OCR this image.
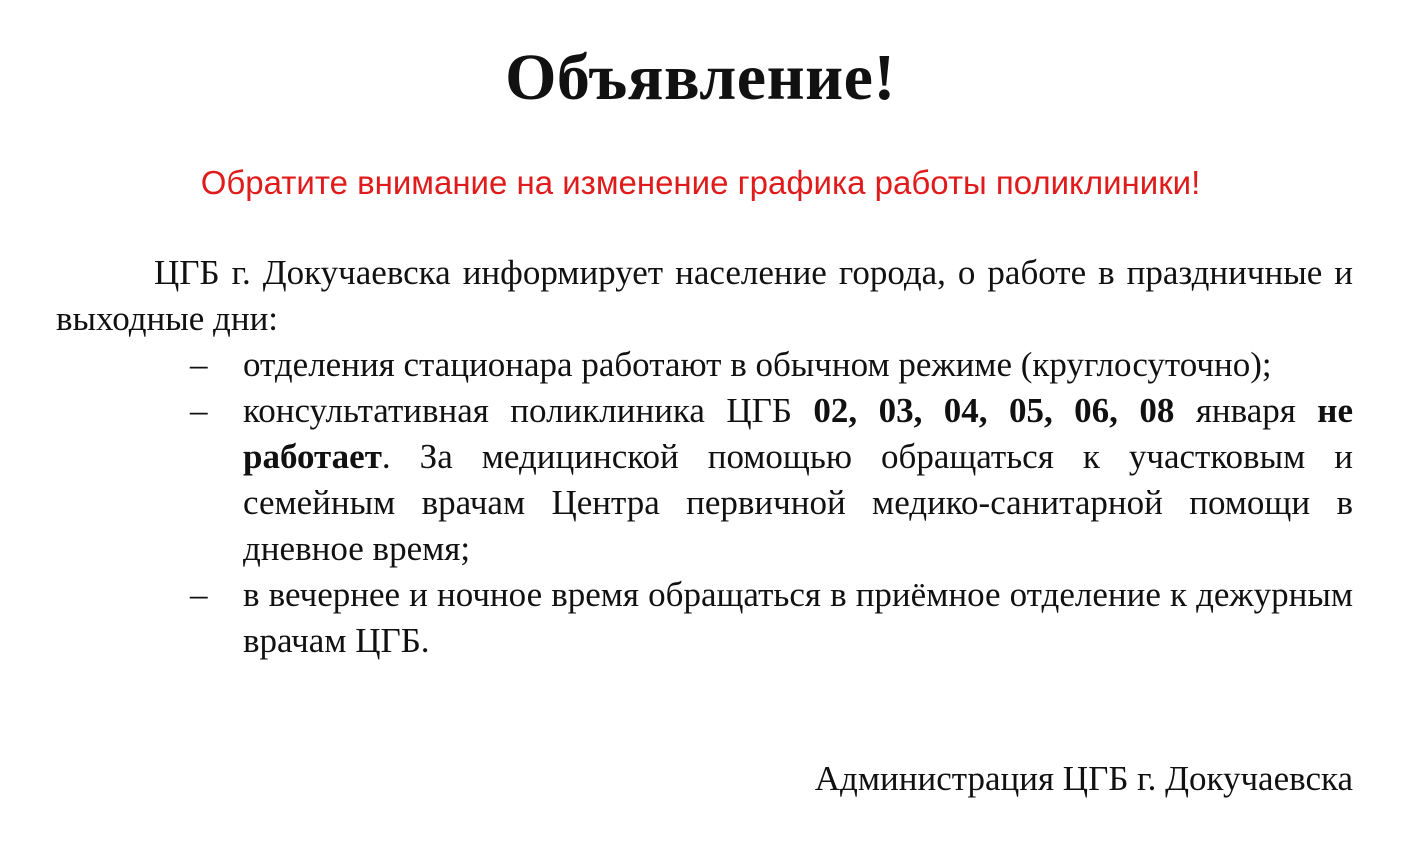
Объявление!

Обратите внимание на изменение графика работы поликлиники!

ЦГБ г. Докучаевска информирует население города, о работе в праздничные и выходные дни:

–	отделения стационара работают в обычном режиме (круглосуточно);
–	консультативная поликлиника ЦГБ 02, 03, 04, 05, 06, 08 января не работает. За медицинской помощью обращаться к участковым и семейным врачам Центра первичной медико-санитарной помощи в дневное время;
–	в вечернее и ночное время обращаться в приёмное отделение к дежурным врачам ЦГБ.

Администрация ЦГБ г. Докучаевска
